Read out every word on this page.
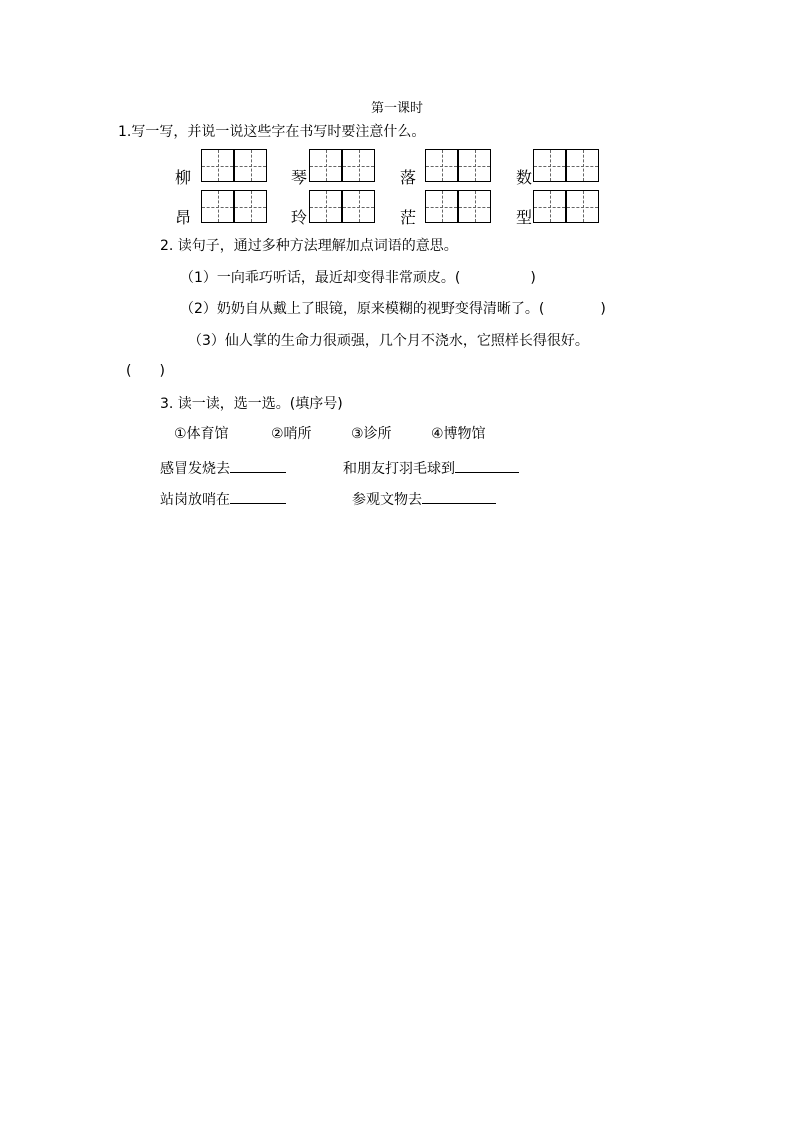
第一课时
1.写一写，并说一说这些字在书写时要注意什么。
柳	琴	落	数
昂	玲	茫	型
2. 读句子，通过多种方法理解加点词语的意思。
（1）一向乖巧听话，最近却变得非常顽皮。(　　　　　)
（2）奶奶自从戴上了眼镜，原来模糊的视野变得清晰了。(　　　　)
（3）仙人掌的生命力很顽强，几个月不浇水，它照样长得很好。
(　　)
3. 读一读，选一选。(填序号)
①体育馆	②哨所	③诊所	④博物馆
感冒发烧去	和朋友打羽毛球到
站岗放哨在	参观文物去
